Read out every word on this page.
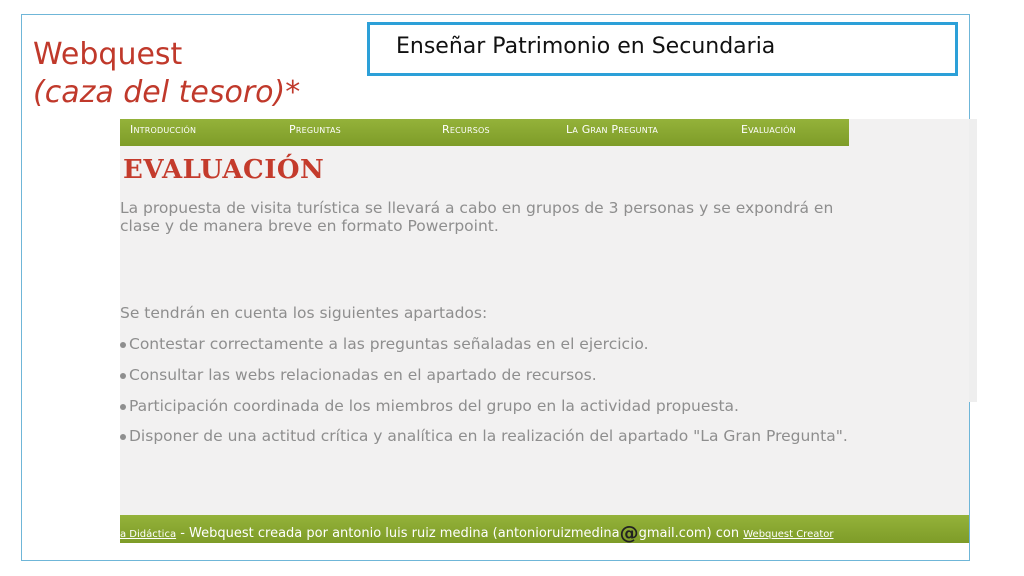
Webquest
(caza del tesoro)*
Enseñar Patrimonio en Secundaria
Introducción	Preguntas	Recursos	La Gran Pregunta	Evaluación
EVALUACIÓN

La propuesta de visita turística se llevará a cabo en grupos de 3 personas y se expondrá en

clase y de manera breve en formato Powerpoint.

Se tendrán en cuenta los siguientes apartados:

Contestar correctamente a las preguntas señaladas en el ejercicio.

Consultar las webs relacionadas en el apartado de recursos.

Participación coordinada de los miembros del grupo en la actividad propuesta.

Disponer de una actitud crítica y analítica en la realización del apartado "La Gran Pregunta".

a Didáctica - Webquest creada por antonio luis ruiz medina (antonioruizmedina@gmail.com) con Webquest Creator
